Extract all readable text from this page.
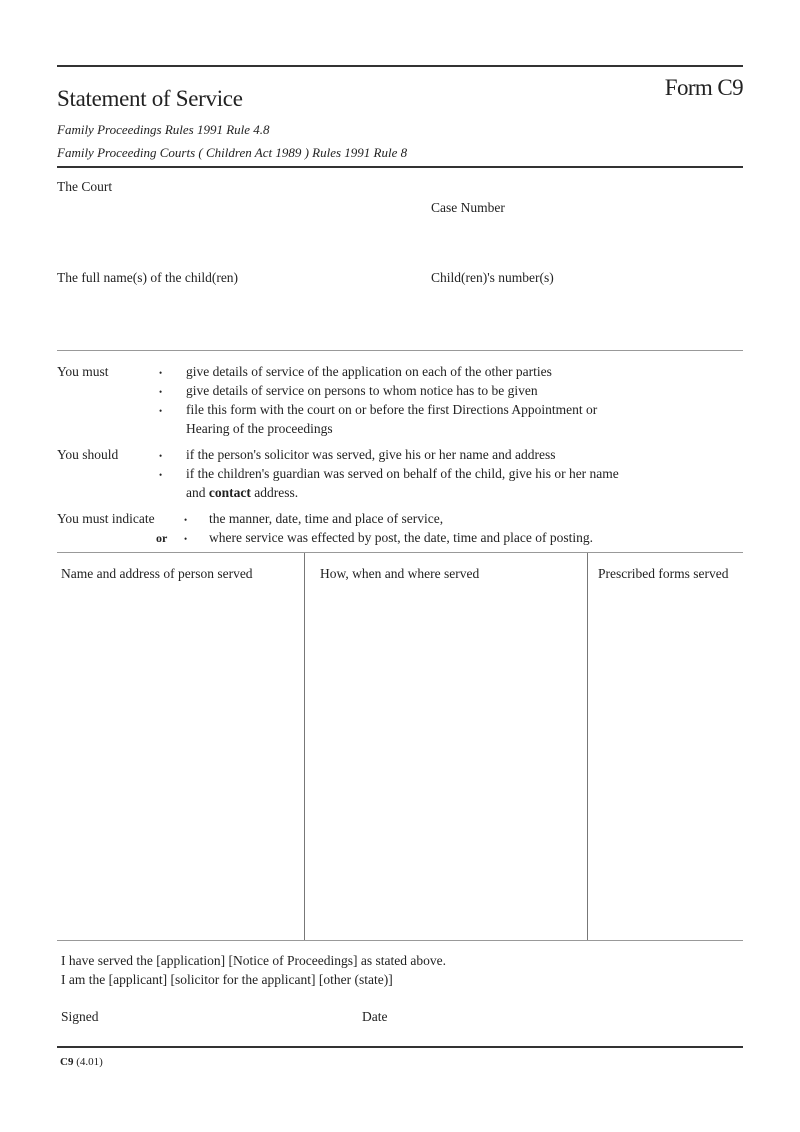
Statement of Service	Form C9
Family Proceedings Rules 1991 Rule 4.8
Family Proceeding Courts ( Children Act 1989 ) Rules 1991 Rule 8
The Court
Case Number
The full name(s) of the child(ren)	Child(ren)'s number(s)
You must	• give details of service of the application on each of the other parties
• give details of service on persons to whom notice has to be given
• file this form with the court on or before the first Directions Appointment or
Hearing of the proceedings
You should	• if the person's solicitor was served, give his or her name and address
• if the children's guardian was served on behalf of the child, give his or her name
and contact address.
You must indicate	• the manner, date, time and place of service,
or • where service was effected by post, the date, time and place of posting.
Name and address of person served	How, when and where served	Prescribed forms served
I have served the [application] [Notice of Proceedings] as stated above.
I am the [applicant] [solicitor for the applicant] [other (state)]
Signed	Date
C9 (4.01)
